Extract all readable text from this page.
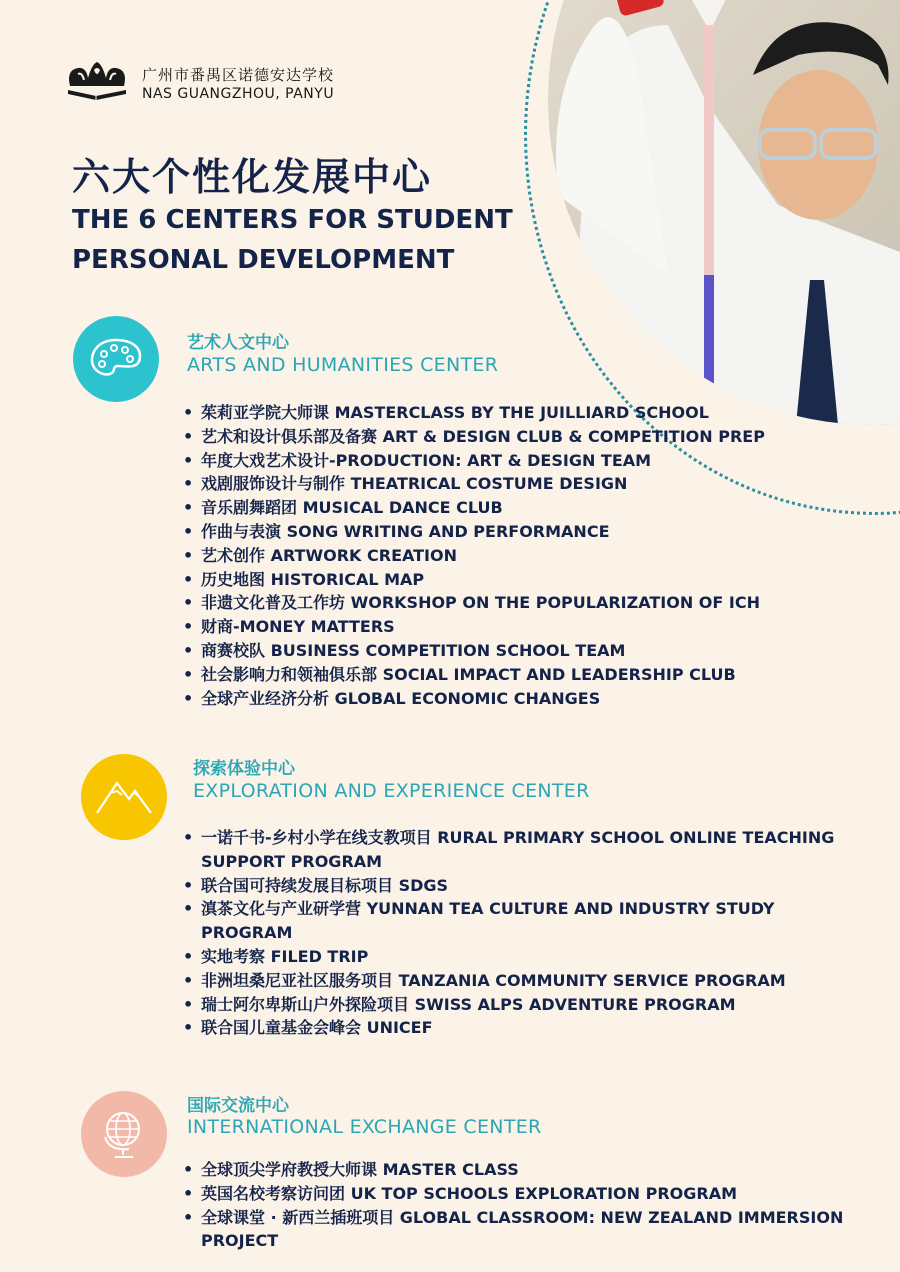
广州市番禺区诺德安达学校
NAS GUANGZHOU, PANYU
六大个性化发展中心
THE 6 CENTERS FOR STUDENT PERSONAL DEVELOPMENT
艺术人文中心
ARTS AND HUMANITIES CENTER
• 茱莉亚学院大师课 MASTERCLASS BY THE JUILLIARD SCHOOL
• 艺术和设计俱乐部及备赛 ART & DESIGN CLUB & COMPETITION PREP
• 年度大戏艺术设计-PRODUCTION: ART & DESIGN TEAM
• 戏剧服饰设计与制作 THEATRICAL COSTUME DESIGN
• 音乐剧舞蹈团 MUSICAL DANCE CLUB
• 作曲与表演 SONG WRITING AND PERFORMANCE
• 艺术创作 ARTWORK CREATION
• 历史地图 HISTORICAL MAP
• 非遗文化普及工作坊 WORKSHOP ON THE POPULARIZATION OF ICH
• 财商-MONEY MATTERS
• 商赛校队 BUSINESS COMPETITION SCHOOL TEAM
• 社会影响力和领袖俱乐部 SOCIAL IMPACT AND LEADERSHIP CLUB
• 全球产业经济分析 GLOBAL ECONOMIC CHANGES
探索体验中心
EXPLORATION AND EXPERIENCE CENTER
• 一诺千书-乡村小学在线支教项目 RURAL PRIMARY SCHOOL ONLINE TEACHING SUPPORT PROGRAM
• 联合国可持续发展目标项目 SDGS
• 滇茶文化与产业研学营 YUNNAN TEA CULTURE AND INDUSTRY STUDY PROGRAM
• 实地考察 FILED TRIP
• 非洲坦桑尼亚社区服务项目 TANZANIA COMMUNITY SERVICE PROGRAM
• 瑞士阿尔卑斯山户外探险项目 SWISS ALPS ADVENTURE PROGRAM
• 联合国儿童基金会峰会 UNICEF
国际交流中心
INTERNATIONAL EXCHANGE CENTER
• 全球顶尖学府教授大师课 MASTER CLASS
• 英国名校考察访问团 UK TOP SCHOOLS EXPLORATION PROGRAM
• 全球课堂 · 新西兰插班项目 GLOBAL CLASSROOM: NEW ZEALAND IMMERSION PROJECT
